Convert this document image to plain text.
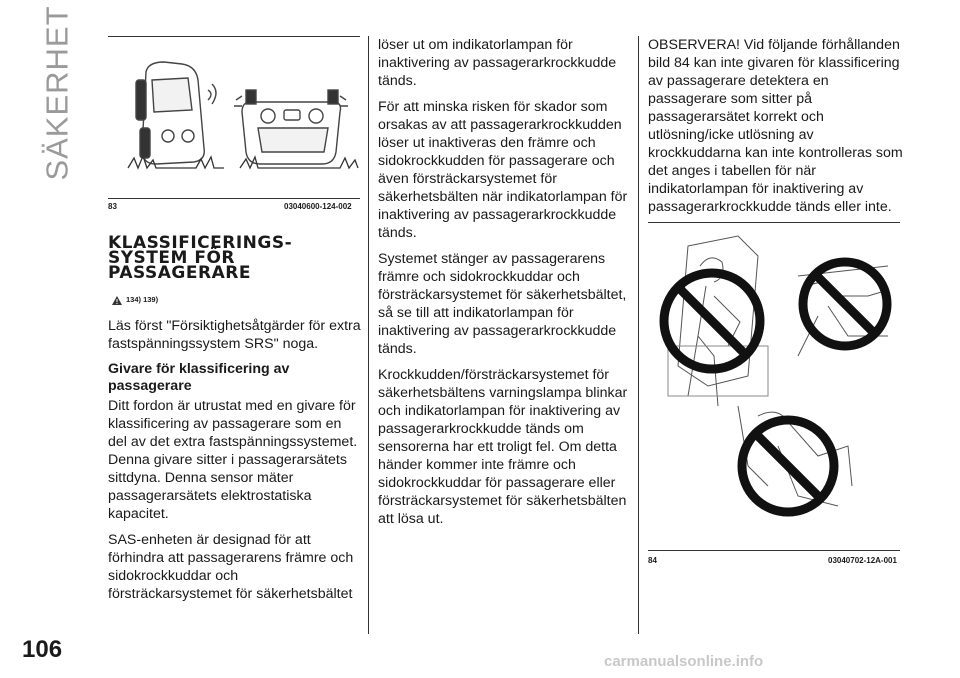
SÄKERHET
106	carmanualsonline.info
83	03040600-124-002
KLASSIFICERINGS-
SYSTEM FÖR
PASSAGERARE
134) 139)

Läs först "Försiktighetsåtgärder för extra fastspänningssystem SRS" noga.

Givare för klassificering av passagerare

Ditt fordon är utrustat med en givare för klassificering av passagerare som en del av det extra fastspänningssystemet. Denna givare sitter i passagerarsätets sittdyna. Denna sensor mäter passagerarsätets elektrostatiska kapacitet.

SAS-enheten är designad för att förhindra att passagerarens främre och sidokrockkuddar och försträckarsystemet för säkerhetsbältet

löser ut om indikatorlampan för inaktivering av passagerarkrockkudde tänds.

För att minska risken för skador som orsakas av att passagerarkrockkudden löser ut inaktiveras den främre och sidokrockkudden för passagerare och även försträckarsystemet för säkerhetsbälten när indikatorlampan för inaktivering av passagerarkrockkudde tänds.

Systemet stänger av passagerarens främre och sidokrockkuddar och försträckarsystemet för säkerhetsbältet, så se till att indikatorlampan för inaktivering av passagerarkrockkudde tänds.

Krockkudden/försträckarsystemet för säkerhetsbältens varningslampa blinkar och indikatorlampan för inaktivering av passagerarkrockkudde tänds om sensorerna har ett troligt fel. Om detta händer kommer inte främre och sidokrockkuddar för passagerare eller försträckarsystemet för säkerhetsbälten att lösa ut.

OBSERVERA! Vid följande förhållanden bild 84 kan inte givaren för klassificering av passagerare detektera en passagerare som sitter på passagerarsätet korrekt och utlösning/icke utlösning av krockkuddarna kan inte kontrolleras som det anges i tabellen för när indikatorlampan för inaktivering av passagerarkrockkudde tänds eller inte.

84	03040702-12A-001
